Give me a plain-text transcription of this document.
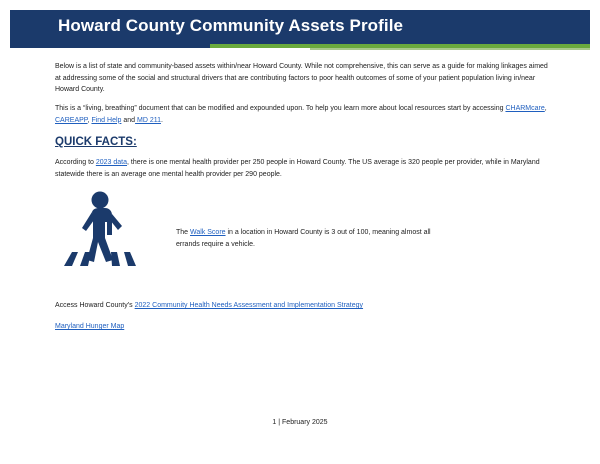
Howard County Community Assets Profile
Below is a list of state and community-based assets within/near Howard County. While not comprehensive, this can serve as a guide for making linkages aimed at addressing some of the social and structural drivers that are contributing factors to poor health outcomes of some of your patient population living in/near Howard County.
This is a “living, breathing” document that can be modified and expounded upon. To help you learn more about local resources start by accessing CHARMcare, CAREAPP, Find Help and MD 211.
QUICK FACTS:
According to 2023 data, there is one mental health provider per 250 people in Howard County. The US average is 320 people per provider, while in Maryland statewide there is an average one mental health provider per 290 people.
The Walk Score in a location in Howard County is 3 out of 100, meaning almost all errands require a vehicle.
Access Howard County’s 2022 Community Health Needs Assessment and Implementation Strategy
Maryland Hunger Map
1 | February 2025
